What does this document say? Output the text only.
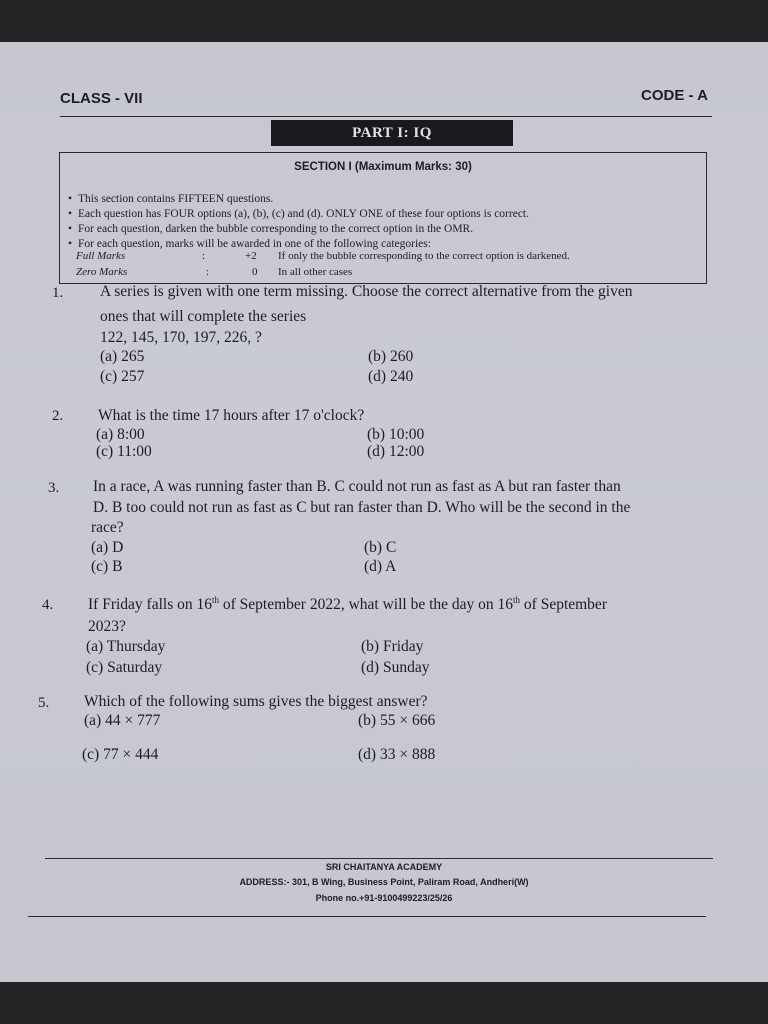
CLASS - VII	CODE - A
PART I: IQ
SECTION I (Maximum Marks: 30)
• This section contains FIFTEEN questions.
• Each question has FOUR options (a), (b), (c) and (d). ONLY ONE of these four options is correct.
• For each question, darken the bubble corresponding to the correct option in the OMR.
• For each question, marks will be awarded in one of the following categories:
Full Marks	:	+2 If only the bubble corresponding to the correct option is darkened.
Zero Marks	:	0 In all other cases
1. A series is given with one term missing. Choose the correct alternative from the given
ones that will complete the series
122, 145, 170, 197, 226, ?
(a) 265	(b) 260
(c) 257	(d) 240
2. What is the time 17 hours after 17 o'clock?
(a) 8:00	(b) 10:00
(c) 11:00	(d) 12:00
3. In a race, A was running faster than B. C could not run as fast as A but ran faster than
D. B too could not run as fast as C but ran faster than D. Who will be the second in the
race?
(a) D	(b) C
(c) B	(d) A
4. If Friday falls on 16th of September 2022, what will be the day on 16th of September
2023?
(a) Thursday	(b) Friday
(c) Saturday	(d) Sunday
5. Which of the following sums gives the biggest answer?
(a) 44 × 777	(b) 55 × 666
(c) 77 × 444	(d) 33 × 888
SRI CHAITANYA ACADEMY
ADDRESS:- 301, B Wing, Business Point, Paliram Road, Andheri(W)
Phone no.+91-9100499223/25/26
